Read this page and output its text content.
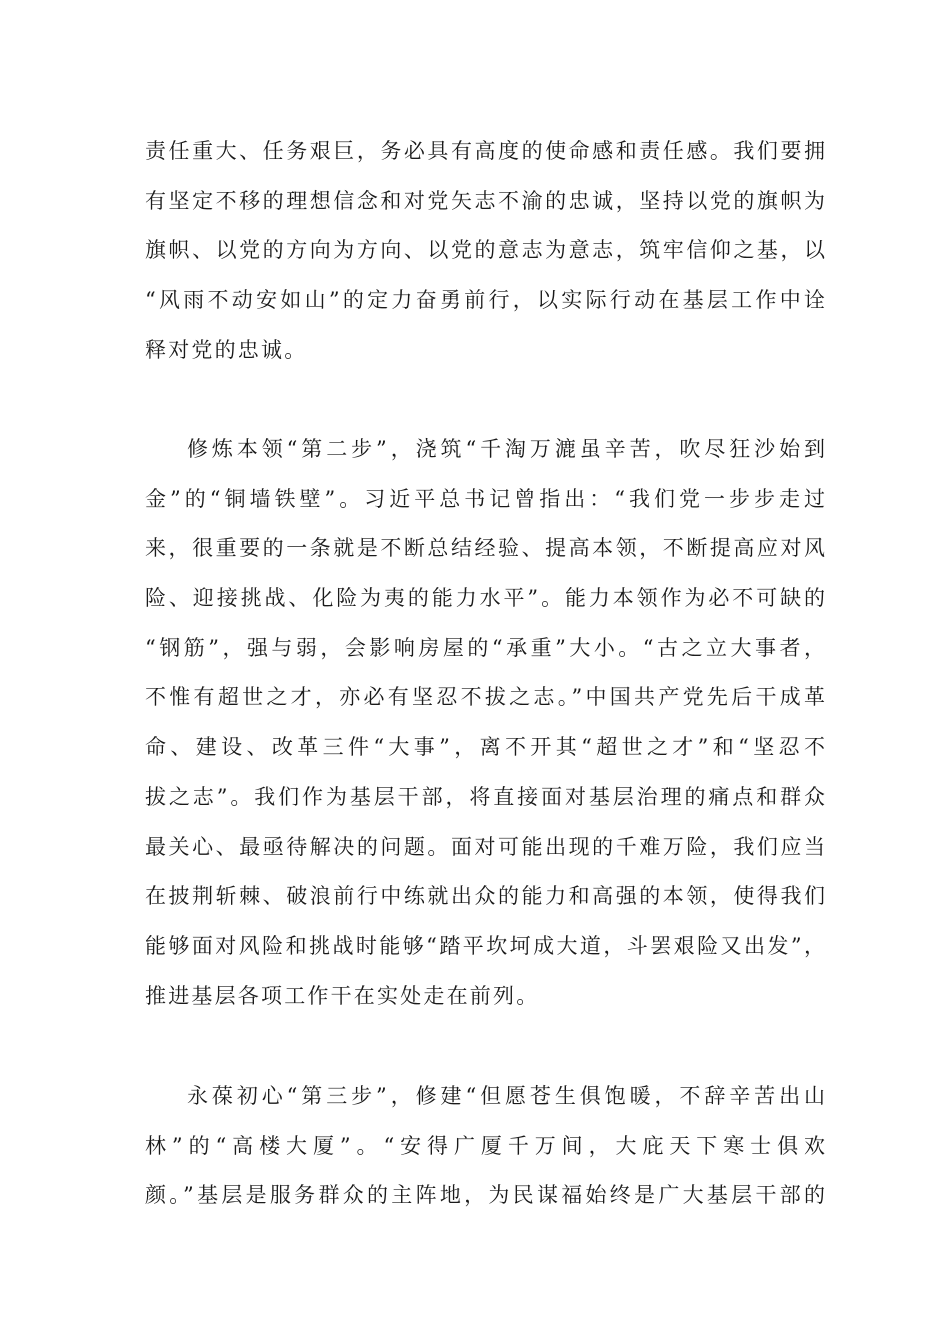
责任重大、任务艰巨，务必具有高度的使命感和责任感。我们要拥
有坚定不移的理想信念和对党矢志不渝的忠诚，坚持以党的旗帜为
旗帜、以党的方向为方向、以党的意志为意志，筑牢信仰之基，以
“风雨不动安如山”的定力奋勇前行，以实际行动在基层工作中诠
释对党的忠诚。

修炼本领“第二步”，浇筑“千淘万漉虽辛苦，吹尽狂沙始到
金”的“铜墙铁壁”。习近平总书记曾指出：“我们党一步步走过
来，很重要的一条就是不断总结经验、提高本领，不断提高应对风
险、迎接挑战、化险为夷的能力水平”。能力本领作为必不可缺的
“钢筋”，强与弱，会影响房屋的“承重”大小。“古之立大事者，
不惟有超世之才，亦必有坚忍不拔之志。”中国共产党先后干成革
命、建设、改革三件“大事”，离不开其“超世之才”和“坚忍不
拔之志”。我们作为基层干部，将直接面对基层治理的痛点和群众
最关心、最亟待解决的问题。面对可能出现的千难万险，我们应当
在披荆斩棘、破浪前行中练就出众的能力和高强的本领，使得我们
能够面对风险和挑战时能够“踏平坎坷成大道，斗罢艰险又出发”，
推进基层各项工作干在实处走在前列。

永葆初心“第三步”，修建“但愿苍生俱饱暖，不辞辛苦出山
林”的“高楼大厦”。“安得广厦千万间，大庇天下寒士俱欢
颜。”基层是服务群众的主阵地，为民谋福始终是广大基层干部的
